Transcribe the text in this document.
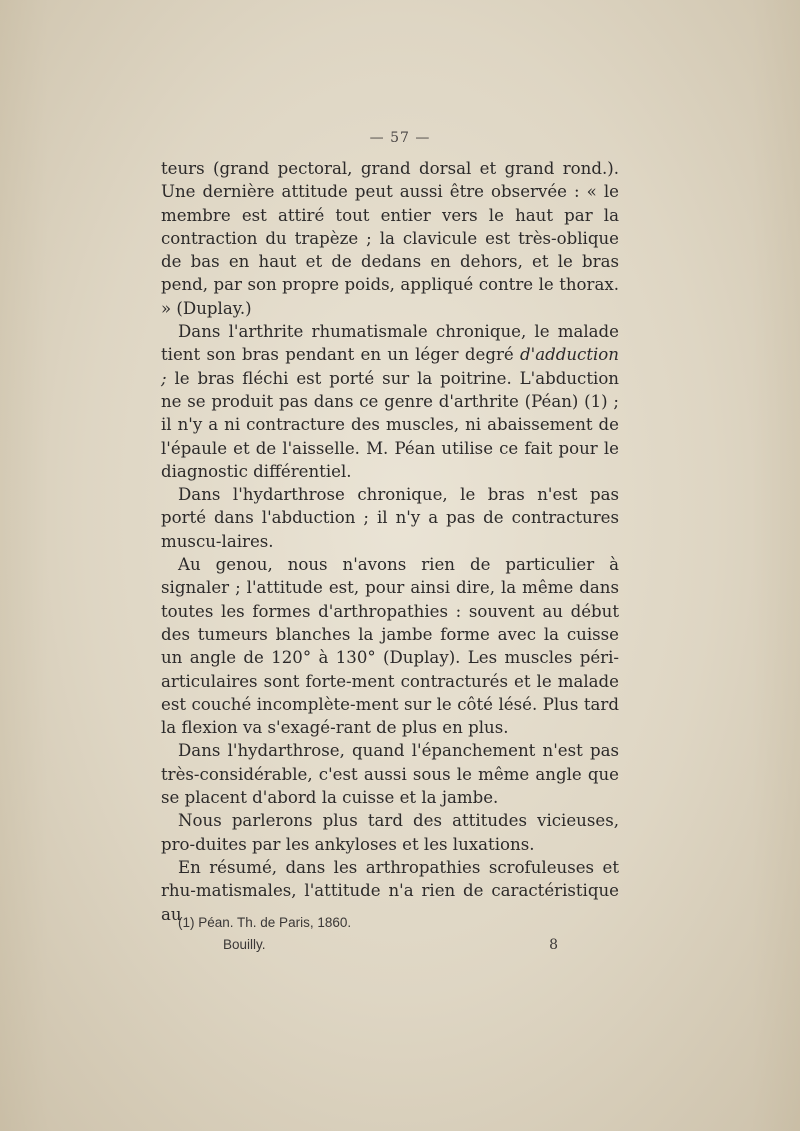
— 57 —

teurs (grand pectoral, grand dorsal et grand rond.). Une dernière attitude peut aussi être observée : « le membre est attiré tout entier vers le haut par la contraction du trapèze ; la clavicule est très-oblique de bas en haut et de dedans en dehors, et le bras pend, par son propre poids, appliqué contre le thorax. » (Duplay.)

Dans l'arthrite rhumatismale chronique, le malade tient son bras pendant en un léger degré d'adduction ; le bras fléchi est porté sur la poitrine. L'abduction ne se produit pas dans ce genre d'arthrite (Péan) (1) ; il n'y a ni contracture des muscles, ni abaissement de l'épaule et de l'aisselle. M. Péan utilise ce fait pour le diagnostic différentiel.

Dans l'hydarthrose chronique, le bras n'est pas porté dans l'abduction ; il n'y a pas de contractures muscu-laires.

Au genou, nous n'avons rien de particulier à signaler ; l'attitude est, pour ainsi dire, la même dans toutes les formes d'arthropathies : souvent au début des tumeurs blanches la jambe forme avec la cuisse un angle de 120° à 130° (Duplay). Les muscles péri-articulaires sont forte-ment contracturés et le malade est couché incomplète-ment sur le côté lésé. Plus tard la flexion va s'exagé-rant de plus en plus.

Dans l'hydarthrose, quand l'épanchement n'est pas très-considérable, c'est aussi sous le même angle que se placent d'abord la cuisse et la jambe.

Nous parlerons plus tard des attitudes vicieuses, pro-duites par les ankyloses et les luxations.

En résumé, dans les arthropathies scrofuleuses et rhu-matismales, l'attitude n'a rien de caractéristique au

(1) Péan. Th. de Paris, 1860.
Bouilly.	8
